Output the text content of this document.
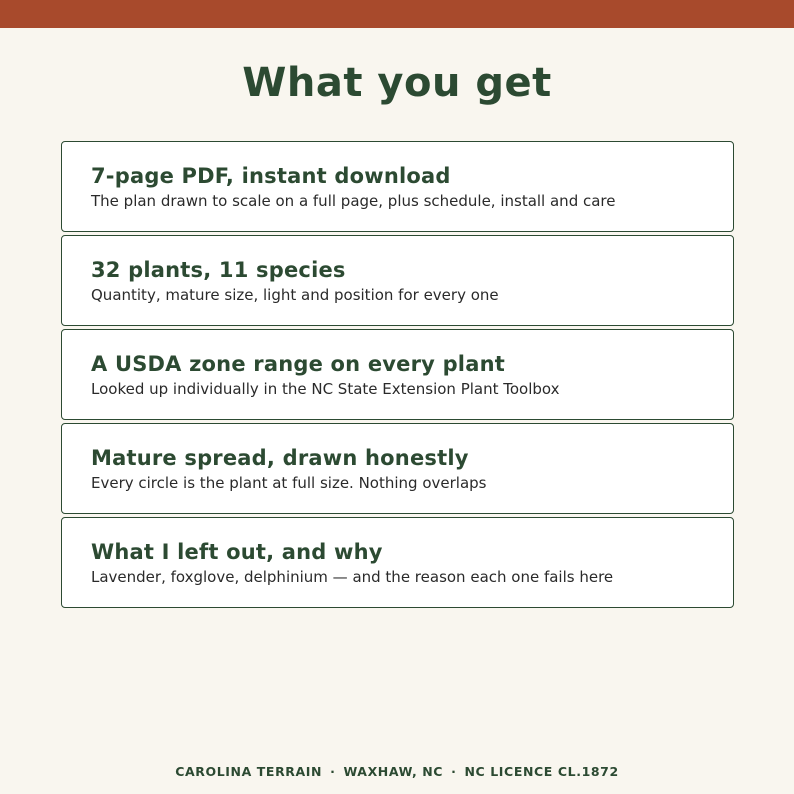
What you get
7-page PDF, instant download
The plan drawn to scale on a full page, plus schedule, install and care
32 plants, 11 species
Quantity, mature size, light and position for every one
A USDA zone range on every plant
Looked up individually in the NC State Extension Plant Toolbox
Mature spread, drawn honestly
Every circle is the plant at full size. Nothing overlaps
What I left out, and why
Lavender, foxglove, delphinium — and the reason each one fails here
CAROLINA TERRAIN · WAXHAW, NC · NC LICENCE CL.1872
